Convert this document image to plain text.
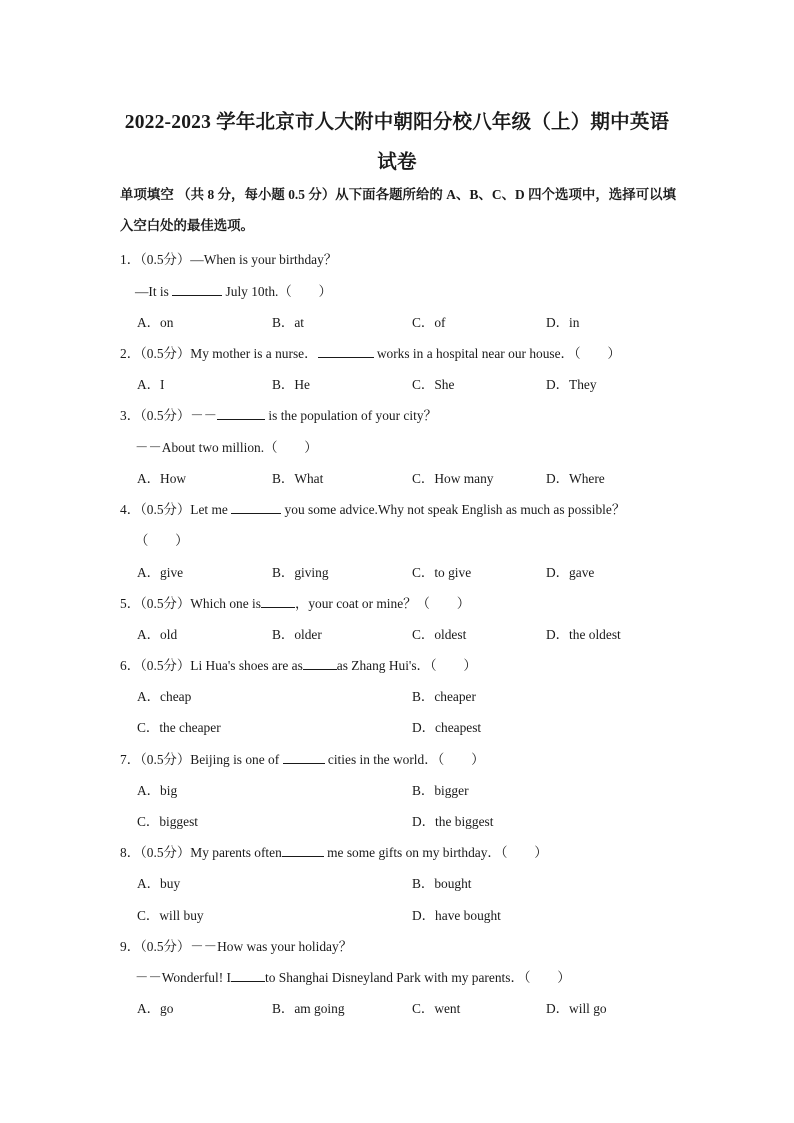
2022-2023 学年北京市人大附中朝阳分校八年级（上）期中英语
试卷
单项填空 （共 8 分，每小题 0.5 分）从下面各题所给的 A、B、C、D 四个选项中，选择可以填入空白处的最佳选项。
1．（0.5分）—When is your birthday？
—It is	July 10th.（　　）
A．on	B．at	C．of	D．in
2．（0.5分）My mother is a nurse．	works in a hospital near our house．（　　）
A．I	B．He	C．She	D．They
3．（0.5分）－－	is the population of your city？
－－About two million.（　　）
A．How	B．What	C．How many	D．Where
4．（0.5分）Let me	you some advice.Why not speak English as much as possible？
（　　）
A．give	B．giving	C．to give	D．gave
5．（0.5分）Which one is	，your coat or mine？（　　）
A．old	B．older	C．oldest	D．the oldest
6．（0.5分）Li Hua's shoes are as	as Zhang Hui's．（　　）
A．cheap	B．cheaper
C．the cheaper	D．cheapest
7．（0.5分）Beijing is one of	cities in the world．（　　）
A．big	B．bigger
C．biggest	D．the biggest
8．（0.5分）My parents often	me some gifts on my birthday．（　　）
A．buy	B．bought
C．will buy	D．have bought
9．（0.5分）－－How was your holiday？
－－Wonderful! I	to Shanghai Disneyland Park with my parents．（　　）
A．go	B．am going	C．went	D．will go
